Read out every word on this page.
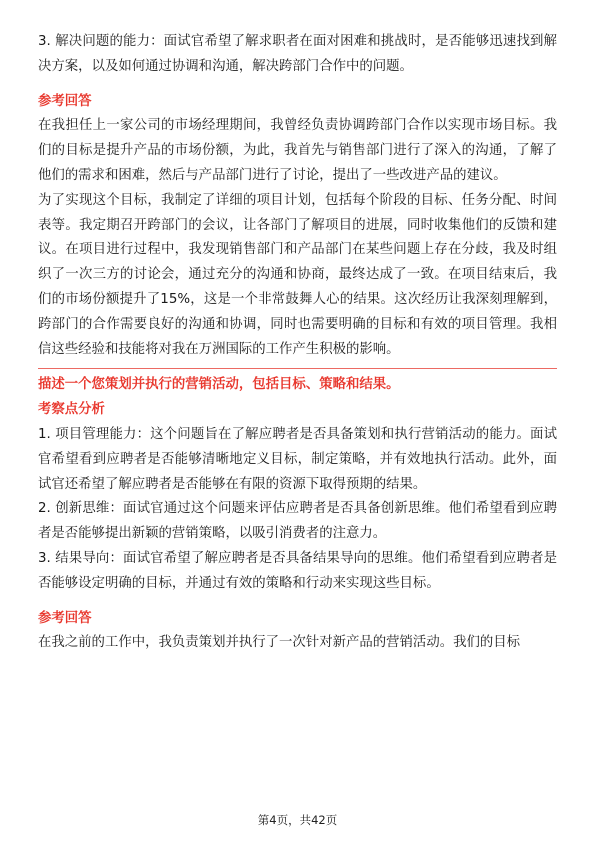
3. 解决问题的能力：面试官希望了解求职者在面对困难和挑战时，是否能够迅速找到解决方案，以及如何通过协调和沟通，解决跨部门合作中的问题。

参考回答

在我担任上一家公司的市场经理期间，我曾经负责协调跨部门合作以实现市场目标。我们的目标是提升产品的市场份额，为此，我首先与销售部门进行了深入的沟通，了解了他们的需求和困难，然后与产品部门进行了讨论，提出了一些改进产品的建议。

为了实现这个目标，我制定了详细的项目计划，包括每个阶段的目标、任务分配、时间表等。我定期召开跨部门的会议，让各部门了解项目的进展，同时收集他们的反馈和建议。在项目进行过程中，我发现销售部门和产品部门在某些问题上存在分歧，我及时组织了一次三方的讨论会，通过充分的沟通和协商，最终达成了一致。在项目结束后，我们的市场份额提升了15%，这是一个非常鼓舞人心的结果。这次经历让我深刻理解到，跨部门的合作需要良好的沟通和协调，同时也需要明确的目标和有效的项目管理。我相信这些经验和技能将对我在万洲国际的工作产生积极的影响。

描述一个您策划并执行的营销活动，包括目标、策略和结果。
考察点分析

1. 项目管理能力：这个问题旨在了解应聘者是否具备策划和执行营销活动的能力。面试官希望看到应聘者是否能够清晰地定义目标，制定策略，并有效地执行活动。此外，面试官还希望了解应聘者是否能够在有限的资源下取得预期的结果。

2. 创新思维：面试官通过这个问题来评估应聘者是否具备创新思维。他们希望看到应聘者是否能够提出新颖的营销策略，以吸引消费者的注意力。

3. 结果导向：面试官希望了解应聘者是否具备结果导向的思维。他们希望看到应聘者是否能够设定明确的目标，并通过有效的策略和行动来实现这些目标。

参考回答

在我之前的工作中，我负责策划并执行了一次针对新产品的营销活动。我们的目标

第4页，共42页
